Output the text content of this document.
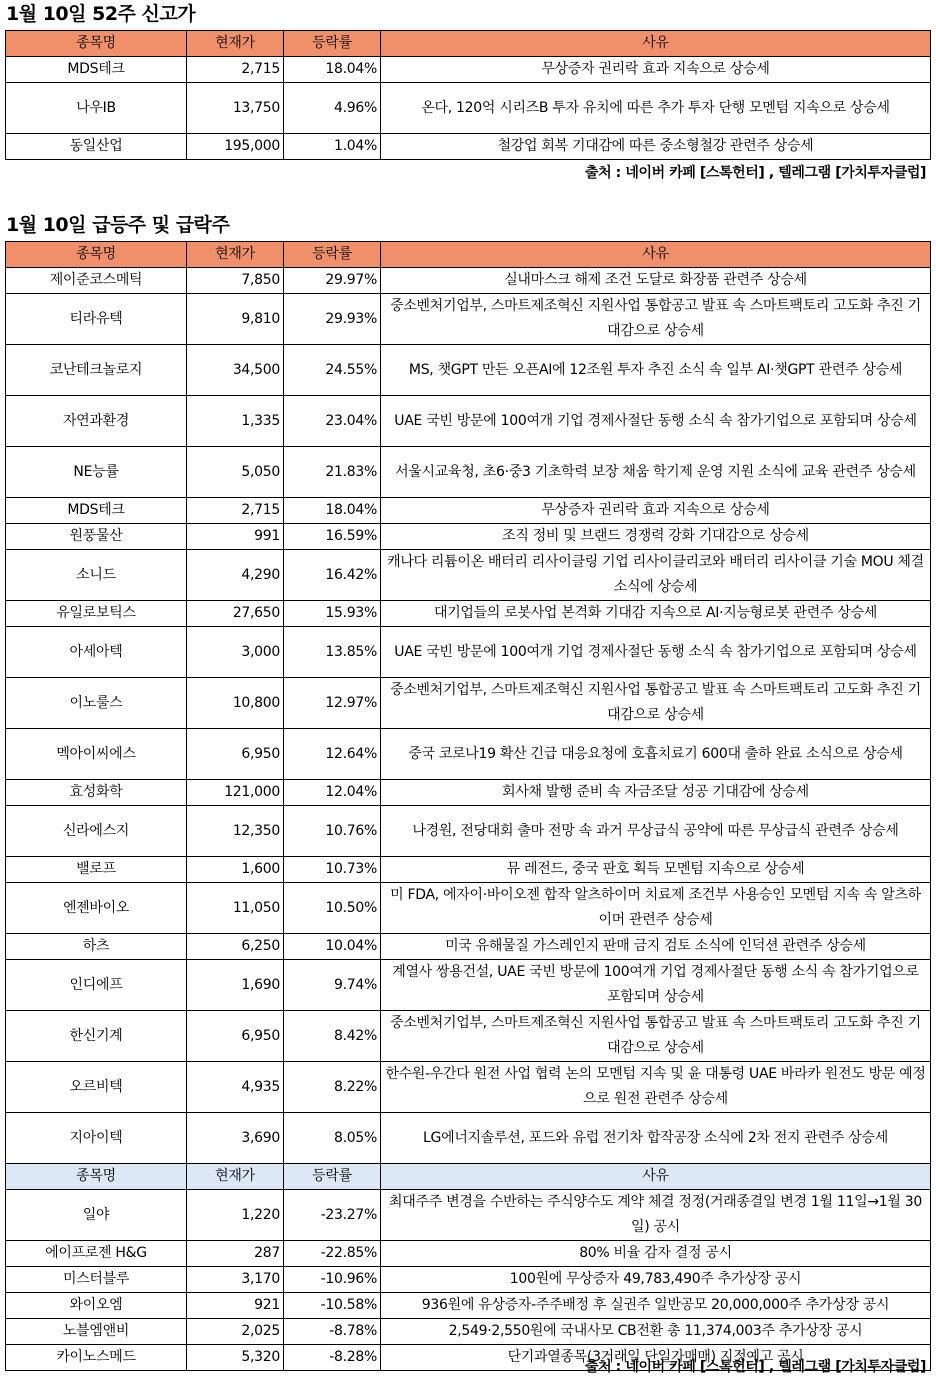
1월 10일 52주 신고가
종목명	현재가	등락률	사유
MDS테크	2,715	18.04%	무상증자 권리락 효과 지속으로 상승세
나우IB	13,750	4.96%	온다, 120억 시리즈B 투자 유치에 따른 추가 투자 단행 모멘텀 지속으로 상승세
동일산업	195,000	1.04%	철강업 회복 기대감에 따른 중소형철강 관련주 상승세
출처 : 네이버 카페 [스톡헌터] , 텔레그램 [가치투자클럽]
1월 10일 급등주 및 급락주
종목명	현재가	등락률	사유
제이준코스메틱	7,850	29.97%	실내마스크 해제 조건 도달로 화장품 관련주 상승세
티라유텍	9,810	29.93%	중소벤처기업부, 스마트제조혁신 지원사업 통합공고 발표 속 스마트팩토리 고도화 추진 기대감으로 상승세
코난테크놀로지	34,500	24.55%	MS, 챗GPT 만든 오픈AI에 12조원 투자 추진 소식 속 일부 AI·챗GPT 관련주 상승세
자연과환경	1,335	23.04%	UAE 국빈 방문에 100여개 기업 경제사절단 동행 소식 속 참가기업으로 포함되며 상승세
NE능률	5,050	21.83%	서울시교육청, 초6·중3 기초학력 보장 채움 학기제 운영 지원 소식에 교육 관련주 상승세
MDS테크	2,715	18.04%	무상증자 권리락 효과 지속으로 상승세
원풍물산	991	16.59%	조직 정비 및 브랜드 경쟁력 강화 기대감으로 상승세
소니드	4,290	16.42%	캐나다 리튬이온 배터리 리사이클링 기업 리사이클리코와 배터리 리사이클 기술 MOU 체결 소식에 상승세
유일로보틱스	27,650	15.93%	대기업들의 로봇사업 본격화 기대감 지속으로 AI·지능형로봇 관련주 상승세
아세아텍	3,000	13.85%	UAE 국빈 방문에 100여개 기업 경제사절단 동행 소식 속 참가기업으로 포함되며 상승세
이노룰스	10,800	12.97%	중소벤처기업부, 스마트제조혁신 지원사업 통합공고 발표 속 스마트팩토리 고도화 추진 기대감으로 상승세
멕아이씨에스	6,950	12.64%	중국 코로나19 확산 긴급 대응요청에 호흡치료기 600대 출하 완료 소식으로 상승세
효성화학	121,000	12.04%	회사채 발행 준비 속 자금조달 성공 기대감에 상승세
신라에스지	12,350	10.76%	나경원, 전당대회 출마 전망 속 과거 무상급식 공약에 따른 무상급식 관련주 상승세
밸로프	1,600	10.73%	뮤 레전드, 중국 판호 획득 모멘텀 지속으로 상승세
엔젠바이오	11,050	10.50%	미 FDA, 에자이·바이오젠 합작 알츠하이머 치료제 조건부 사용승인 모멘텀 지속 속 알츠하이머 관련주 상승세
하츠	6,250	10.04%	미국 유해물질 가스레인지 판매 금지 검토 소식에 인덕션 관련주 상승세
인디에프	1,690	9.74%	계열사 쌍용건설, UAE 국빈 방문에 100여개 기업 경제사절단 동행 소식 속 참가기업으로 포함되며 상승세
한신기계	6,950	8.42%	중소벤처기업부, 스마트제조혁신 지원사업 통합공고 발표 속 스마트팩토리 고도화 추진 기대감으로 상승세
오르비텍	4,935	8.22%	한수원-우간다 원전 사업 협력 논의 모멘텀 지속 및 윤 대통령 UAE 바라카 원전도 방문 예정으로 원전 관련주 상승세
지아이텍	3,690	8.05%	LG에너지솔루션, 포드와 유럽 전기차 합작공장 소식에 2차 전지 관련주 상승세
종목명	현재가	등락률	사유
일야	1,220	-23.27%	최대주주 변경을 수반하는 주식양수도 계약 체결 정정(거래종결일 변경 1월 11일→1월 30일) 공시
에이프로젠 H&G	287	-22.85%	80% 비율 감자 결정 공시
미스터블루	3,170	-10.96%	100원에 무상증자 49,783,490주 추가상장 공시
와이오엠	921	-10.58%	936원에 유상증자-주주배정 후 실권주 일반공모 20,000,000주 추가상장 공시
노블엠앤비	2,025	-8.78%	2,549·2,550원에 국내사모 CB전환 총 11,374,003주 추가상장 공시
카이노스메드	5,320	-8.28%	단기과열종목(3거래일 단일가매매) 지정예고 공시
출처 : 네이버 카페 [스톡헌터] , 텔레그램 [가치투자클럽]
